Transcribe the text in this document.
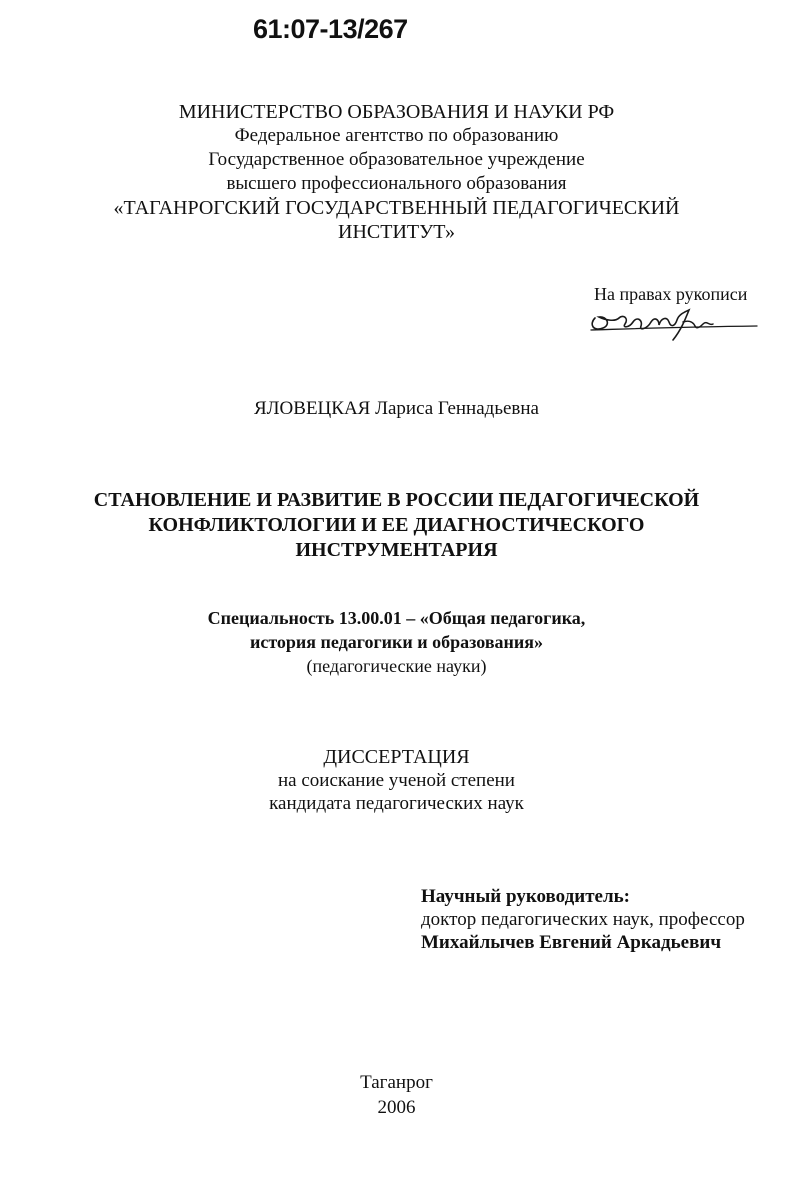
61:07-13/267
МИНИСТЕРСТВО ОБРАЗОВАНИЯ И НАУКИ РФ
Федеральное агентство по образованию
Государственное образовательное учреждение
высшего профессионального образования
«ТАГАНРОГСКИЙ ГОСУДАРСТВЕННЫЙ ПЕДАГОГИЧЕСКИЙ
ИНСТИТУТ»
На правах рукописи
ЯЛОВЕЦКАЯ Лариса Геннадьевна
СТАНОВЛЕНИЕ И РАЗВИТИЕ В РОССИИ ПЕДАГОГИЧЕСКОЙ
КОНФЛИКТОЛОГИИ И ЕЕ ДИАГНОСТИЧЕСКОГО
ИНСТРУМЕНТАРИЯ
Специальность 13.00.01 – «Общая педагогика,
история педагогики и образования»
(педагогические науки)
ДИССЕРТАЦИЯ
на соискание ученой степени
кандидата педагогических наук
Научный руководитель:
доктор педагогических наук, профессор
Михайлычев Евгений Аркадьевич
Таганрог
2006
